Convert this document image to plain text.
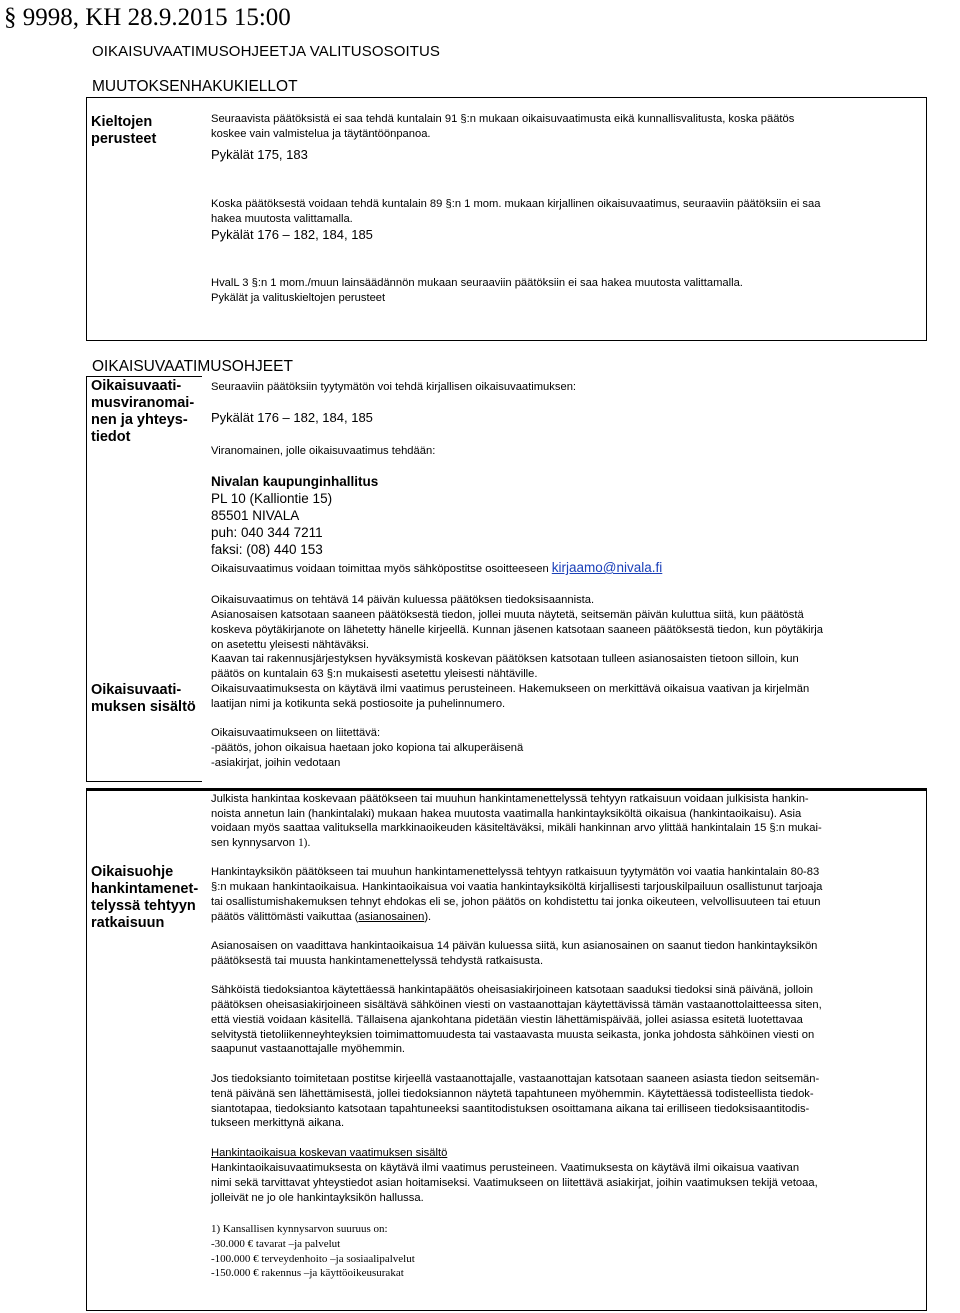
§ 9998, KH 28.9.2015 15:00
OIKAISUVAATIMUSOHJEETJA VALITUSOSOITUS
MUUTOKSENHAKUKIELLOT
Kieltojen
perusteet
Seuraavista päätöksistä ei saa tehdä kuntalain 91 §:n mukaan oikaisuvaatimusta eikä kunnallisvalitusta, koska päätös
koskee vain valmistelua ja täytäntöönpanoa.
Pykälät 175, 183
Koska päätöksestä voidaan tehdä kuntalain 89 §:n 1 mom. mukaan kirjallinen oikaisuvaatimus, seuraaviin päätöksiin ei saa
hakea muutosta valittamalla.
Pykälät 176 – 182, 184, 185
HvalL 3 §:n 1 mom./muun lainsäädännön mukaan seuraaviin päätöksiin ei saa hakea muutosta valittamalla.
Pykälät ja valituskieltojen perusteet
OIKAISUVAATIMUSOHJEET
Oikaisuvaati-
musviranomai-
nen ja yhteys-
tiedot
Seuraaviin päätöksiin tyytymätön voi tehdä kirjallisen oikaisuvaatimuksen:
Pykälät 176 – 182, 184, 185
Viranomainen, jolle oikaisuvaatimus tehdään:
Nivalan kaupunginhallitus
PL 10 (Kalliontie 15)
85501 NIVALA
puh: 040 344 7211
faksi: (08) 440 153
Oikaisuvaatimus voidaan toimittaa myös sähköpostitse osoitteeseen kirjaamo@nivala.fi
Oikaisuvaatimus on tehtävä 14 päivän kuluessa päätöksen tiedoksisaannista.
Asianosaisen katsotaan saaneen päätöksestä tiedon, jollei muuta näytetä, seitsemän päivän kuluttua siitä, kun päätöstä
koskeva pöytäkirjanote on lähetetty hänelle kirjeellä. Kunnan jäsenen katsotaan saaneen päätöksestä tiedon, kun pöytäkirja
on asetettu yleisesti nähtäväksi.
Kaavan tai rakennusjärjestyksen hyväksymistä koskevan päätöksen katsotaan tulleen asianosaisten tietoon silloin, kun
päätös on kuntalain 63 §:n mukaisesti asetettu yleisesti nähtäville.
Oikaisuvaatimuksesta on käytävä ilmi vaatimus perusteineen. Hakemukseen on merkittävä oikaisua vaativan ja kirjelmän
laatijan nimi ja kotikunta sekä postiosoite ja puhelinnumero.
Oikaisuvaati-
muksen sisältö
Oikaisuvaatimukseen on liitettävä:
-päätös, johon oikaisua haetaan joko kopiona tai alkuperäisenä
-asiakirjat, joihin vedotaan
Oikaisuohje
hankintamenet-
telyssä tehtyyn
ratkaisuun
Julkista hankintaa koskevaan päätökseen tai muuhun hankintamenettelyssä tehtyyn ratkaisuun voidaan julkisista hankin-
noista annetun lain (hankintalaki) mukaan hakea muutosta vaatimalla hankintayksiköltä oikaisua (hankintaoikaisu). Asia
voidaan myös saattaa valituksella markkinaoikeuden käsiteltäväksi, mikäli hankinnan arvo ylittää hankintalain 15 §:n mukai-
sen kynnysarvon 1).
Hankintayksikön päätökseen tai muuhun hankintamenettelyssä tehtyyn ratkaisuun tyytymätön voi vaatia hankintalain 80-83
§:n mukaan hankintaoikaisua. Hankintaoikaisua voi vaatia hankintayksiköltä kirjallisesti tarjouskilpailuun osallistunut tarjoaja
tai osallistumishakemuksen tehnyt ehdokas eli se, johon päätös on kohdistettu tai jonka oikeuteen, velvollisuuteen tai etuun
päätös välittömästi vaikuttaa (asianosainen).
Asianosaisen on vaadittava hankintaoikaisua 14 päivän kuluessa siitä, kun asianosainen on saanut tiedon hankintayksikön
päätöksestä tai muusta hankintamenettelyssä tehdystä ratkaisusta.
Sähköistä tiedoksiantoa käytettäessä hankintapäätös oheisasiakirjoineen katsotaan saaduksi tiedoksi sinä päivänä, jolloin
päätöksen oheisasiakirjoineen sisältävä sähköinen viesti on vastaanottajan käytettävissä tämän vastaanottolaitteessa siten,
että viestiä voidaan käsitellä. Tällaisena ajankohtana pidetään viestin lähettämispäivää, jollei asiassa esitetä luotettavaa
selvitystä tietoliikenneyhteyksien toimimattomuudesta tai vastaavasta muusta seikasta, jonka johdosta sähköinen viesti on
saapunut vastaanottajalle myöhemmin.
Jos tiedoksianto toimitetaan postitse kirjeellä vastaanottajalle, vastaanottajan katsotaan saaneen asiasta tiedon seitsemän-
tenä päivänä sen lähettämisestä, jollei tiedoksiannon näytetä tapahtuneen myöhemmin. Käytettäessä todisteellista tiedok-
siantotapaa, tiedoksianto katsotaan tapahtuneeksi saantitodistuksen osoittamana aikana tai erilliseen tiedoksisaantitodis-
tukseen merkittynä aikana.
Hankintaoikaisua koskevan vaatimuksen sisältö
Hankintaoikaisuvaatimuksesta on käytävä ilmi vaatimus perusteineen. Vaatimuksesta on käytävä ilmi oikaisua vaativan
nimi sekä tarvittavat yhteystiedot asian hoitamiseksi. Vaatimukseen on liitettävä asiakirjat, joihin vaatimuksen tekijä vetoaa,
jolleivät ne jo ole hankintayksikön hallussa.
1) Kansallisen kynnysarvon suuruus on:
-30.000 € tavarat –ja palvelut
-100.000 € terveydenhoito –ja sosiaalipalvelut
-150.000 € rakennus –ja käyttöoikeusurakat
